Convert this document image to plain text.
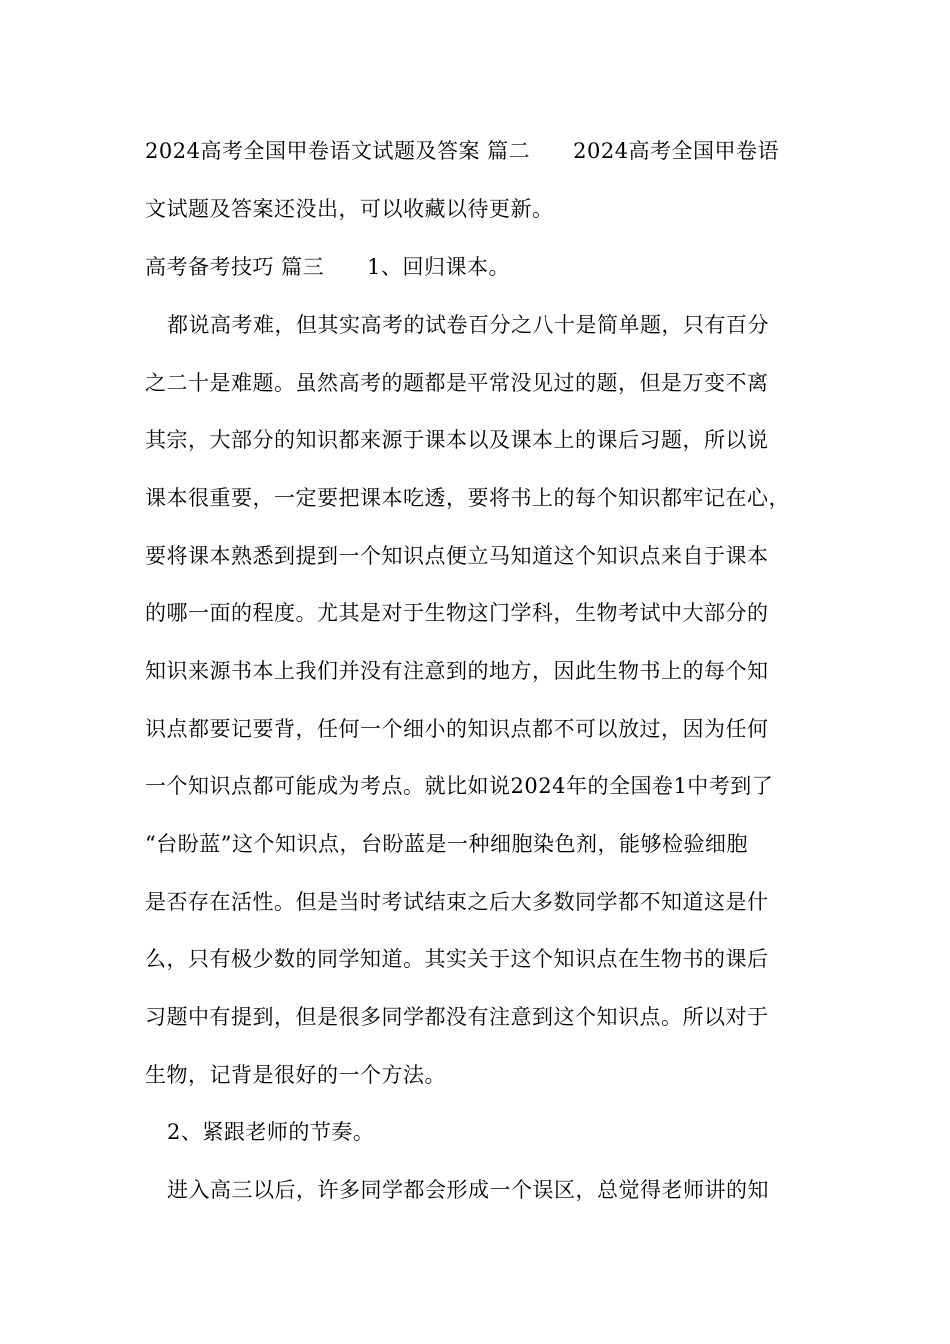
2024高考全国甲卷语文试题及答案 篇二　　2024高考全国甲卷语
文试题及答案还没出，可以收藏以待更新。
高考备考技巧 篇三　　1、回归课本。
都说高考难，但其实高考的试卷百分之八十是简单题，只有百分
之二十是难题。虽然高考的题都是平常没见过的题，但是万变不离
其宗，大部分的知识都来源于课本以及课本上的课后习题，所以说
课本很重要，一定要把课本吃透，要将书上的每个知识都牢记在心，
要将课本熟悉到提到一个知识点便立马知道这个知识点来自于课本
的哪一面的程度。尤其是对于生物这门学科，生物考试中大部分的
知识来源书本上我们并没有注意到的地方，因此生物书上的每个知
识点都要记要背，任何一个细小的知识点都不可以放过，因为任何
一个知识点都可能成为考点。就比如说2024年的全国卷1中考到了
“台盼蓝”这个知识点，台盼蓝是一种细胞染色剂，能够检验细胞
是否存在活性。但是当时考试结束之后大多数同学都不知道这是什
么，只有极少数的同学知道。其实关于这个知识点在生物书的课后
习题中有提到，但是很多同学都没有注意到这个知识点。所以对于
生物，记背是很好的一个方法。
2、紧跟老师的节奏。
进入高三以后，许多同学都会形成一个误区，总觉得老师讲的知
